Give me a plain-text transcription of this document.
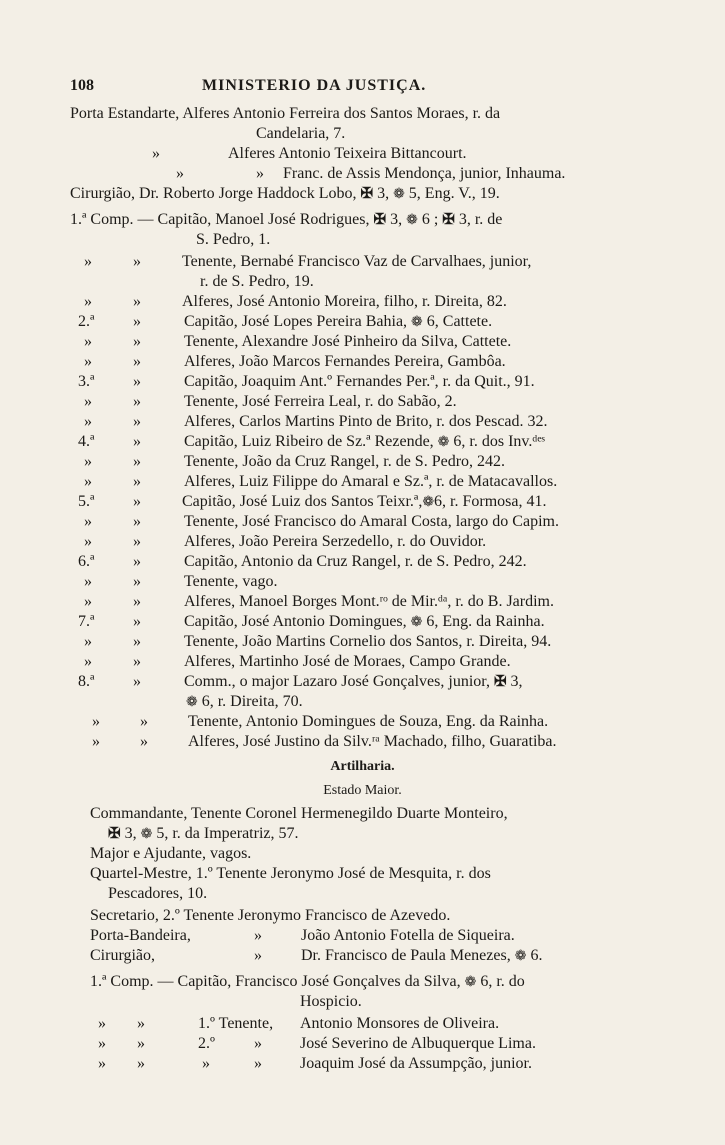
108	MINISTERIO DA JUSTIÇA.
Porta Estandarte, Alferes Antonio Ferreira dos Santos Moraes, r. da
Candelaria, 7.
»	Alferes Antonio Teixeira Bittancourt.
»	» Franc. de Assis Mendonça, junior, Inhauma.
Cirurgião, Dr. Roberto Jorge Haddock Lobo, ✠ 3, ❁ 5, Eng. V., 19.
1.ª Comp. — Capitão, Manoel José Rodrigues, ✠ 3, ❁ 6 ; ✠ 3, r. de
S. Pedro, 1.
»	»	Tenente, Bernabé Francisco Vaz de Carvalhaes, junior,
r. de S. Pedro, 19.
»	»	Alferes, José Antonio Moreira, filho, r. Direita, 82.
2.ª »	Capitão, José Lopes Pereira Bahia, ❁ 6, Cattete.
»	»	Tenente, Alexandre José Pinheiro da Silva, Cattete.
»	»	Alferes, João Marcos Fernandes Pereira, Gambôa.
3.ª »	Capitão, Joaquim Ant.º Fernandes Per.ª, r. da Quit., 91.
»	»	Tenente, José Ferreira Leal, r. do Sabão, 2.
»	»	Alferes, Carlos Martins Pinto de Brito, r. dos Pescad. 32.
4.ª »	Capitão, Luiz Ribeiro de Sz.ª Rezende, ❁ 6, r. dos Inv.ᵈᵉˢ
»	»	Tenente, João da Cruz Rangel, r. de S. Pedro, 242.
»	»	Alferes, Luiz Filippe do Amaral e Sz.ª, r. de Matacavallos.
5.ª »	Capitão, José Luiz dos Santos Teixr.ª,❁6, r. Formosa, 41.
»	»	Tenente, José Francisco do Amaral Costa, largo do Capim.
»	»	Alferes, João Pereira Serzedello, r. do Ouvidor.
6.ª »	Capitão, Antonio da Cruz Rangel, r. de S. Pedro, 242.
»	»	Tenente, vago.
»	»	Alferes, Manoel Borges Mont.ʳᵒ de Mir.ᵈᵃ, r. do B. Jardim.
7.ª »	Capitão, José Antonio Domingues, ❁ 6, Eng. da Rainha.
»	»	Tenente, João Martins Cornelio dos Santos, r. Direita, 94.
»	»	Alferes, Martinho José de Moraes, Campo Grande.
8.ª »	Comm., o major Lazaro José Gonçalves, junior, ✠ 3,
❁ 6, r. Direita, 70.
»	»	Tenente, Antonio Domingues de Souza, Eng. da Rainha.
»	»	Alferes, José Justino da Silv.ʳᵃ Machado, filho, Guaratiba.
Artilharia.
Estado Maior.
Commandante, Tenente Coronel Hermenegildo Duarte Monteiro,
✠ 3, ❁ 5, r. da Imperatriz, 57.
Major e Ajudante, vagos.
Quartel-Mestre, 1.º Tenente Jeronymo José de Mesquita, r. dos
Pescadores, 10.
Secretario, 2.º Tenente Jeronymo Francisco de Azevedo.
Porta-Bandeira,	» João Antonio Fotella de Siqueira.
Cirurgião,	» Dr. Francisco de Paula Menezes, ❁ 6.
1.ª Comp. — Capitão, Francisco José Gonçalves da Silva, ❁ 6, r. do
Hospicio.
» »	1.º Tenente, Antonio Monsores de Oliveira.
» »	2.º » José Severino de Albuquerque Lima.
» »	»	» Joaquim José da Assumpção, junior.
